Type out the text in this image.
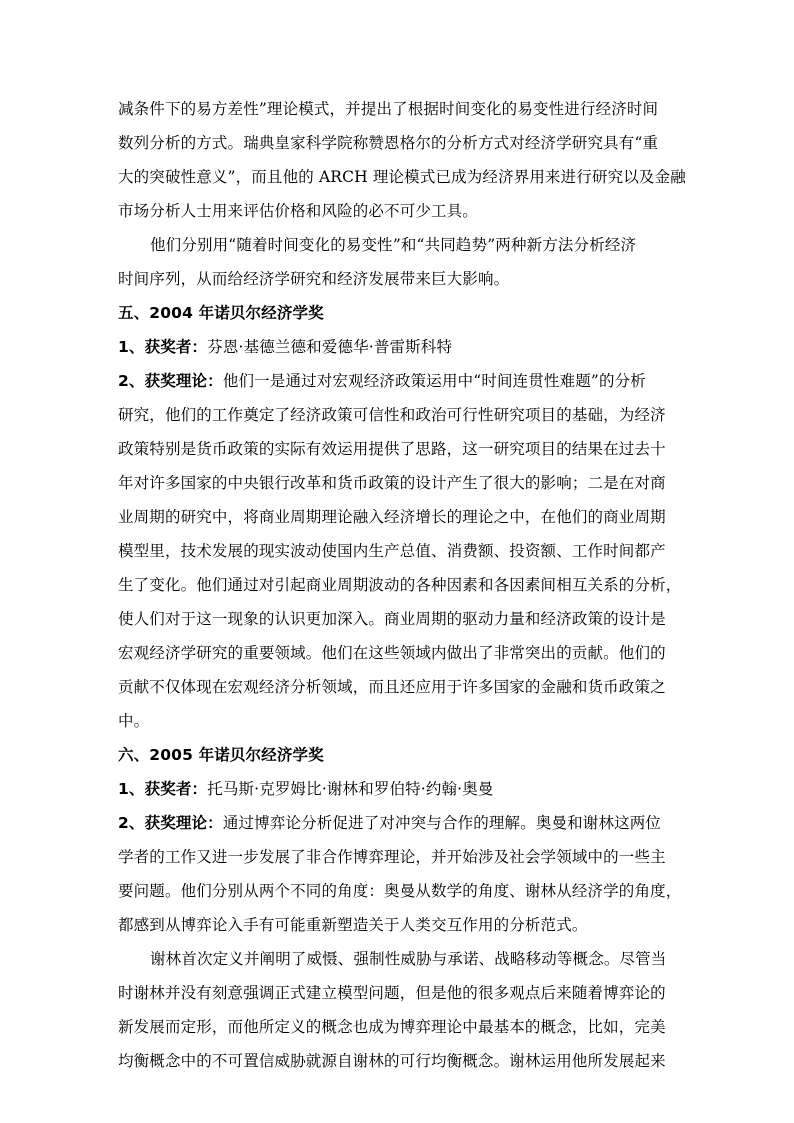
减条件下的易方差性”理论模式，并提出了根据时间变化的易变性进行经济时间
数列分析的方式。瑞典皇家科学院称赞恩格尔的分析方式对经济学研究具有“重
大的突破性意义”，而且他的 ARCH 理论模式已成为经济界用来进行研究以及金融
市场分析人士用来评估价格和风险的必不可少工具。
他们分别用“随着时间变化的易变性”和“共同趋势”两种新方法分析经济
时间序列，从而给经济学研究和经济发展带来巨大影响。
五、2004 年诺贝尔经济学奖
1、获奖者：芬恩·基德兰德和爱德华·普雷斯科特
2、获奖理论：他们一是通过对宏观经济政策运用中“时间连贯性难题”的分析
研究，他们的工作奠定了经济政策可信性和政治可行性研究项目的基础，为经济
政策特别是货币政策的实际有效运用提供了思路，这一研究项目的结果在过去十
年对许多国家的中央银行改革和货币政策的设计产生了很大的影响；二是在对商
业周期的研究中，将商业周期理论融入经济增长的理论之中，在他们的商业周期
模型里，技术发展的现实波动使国内生产总值、消费额、投资额、工作时间都产
生了变化。他们通过对引起商业周期波动的各种因素和各因素间相互关系的分析，
使人们对于这一现象的认识更加深入。商业周期的驱动力量和经济政策的设计是
宏观经济学研究的重要领域。他们在这些领域内做出了非常突出的贡献。他们的
贡献不仅体现在宏观经济分析领域，而且还应用于许多国家的金融和货币政策之
中。
六、2005 年诺贝尔经济学奖
1、获奖者：托马斯·克罗姆比·谢林和罗伯特·约翰·奥曼
2、获奖理论：通过博弈论分析促进了对冲突与合作的理解。奥曼和谢林这两位
学者的工作又进一步发展了非合作博弈理论，并开始涉及社会学领域中的一些主
要问题。他们分别从两个不同的角度：奥曼从数学的角度、谢林从经济学的角度，
都感到从博弈论入手有可能重新塑造关于人类交互作用的分析范式。
谢林首次定义并阐明了威慑、强制性威胁与承诺、战略移动等概念。尽管当
时谢林并没有刻意强调正式建立模型问题，但是他的很多观点后来随着博弈论的
新发展而定形，而他所定义的概念也成为博弈理论中最基本的概念，比如，完美
均衡概念中的不可置信威胁就源自谢林的可行均衡概念。谢林运用他所发展起来
